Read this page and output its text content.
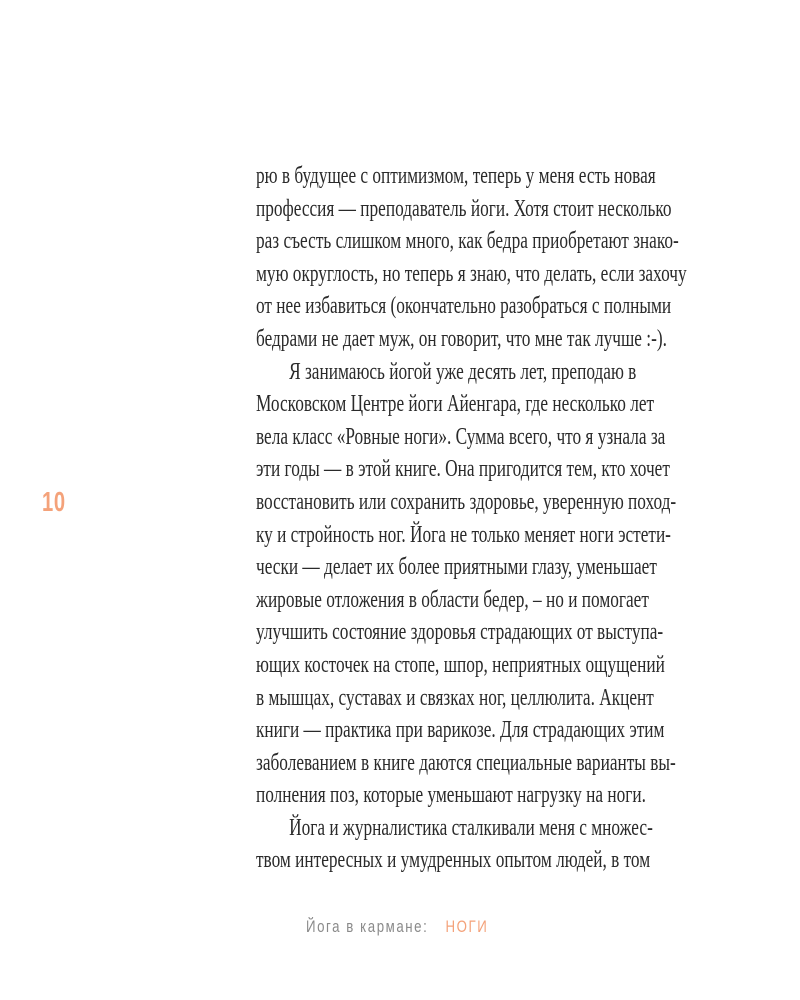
10
рю в будущее с оптимизмом, теперь у меня есть новая
профессия — преподаватель йоги. Хотя стоит несколько
раз съесть слишком много, как бедра приобретают знако-
мую округлость, но теперь я знаю, что делать, если захочу
от нее избавиться (окончательно разобраться с полными
бедрами не дает муж, он говорит, что мне так лучше :-).
Я занимаюсь йогой уже десять лет, преподаю в
Московском Центре йоги Айенгара, где несколько лет
вела класс «Ровные ноги». Сумма всего, что я узнала за
эти годы — в этой книге. Она пригодится тем, кто хочет
восстановить или сохранить здоровье, уверенную поход-
ку и стройность ног. Йога не только меняет ноги эстети-
чески — делает их более приятными глазу, уменьшает
жировые отложения в области бедер, – но и помогает
улучшить состояние здоровья страдающих от выступа-
ющих косточек на стопе, шпор, неприятных ощущений
в мышцах, суставах и связках ног, целлюлита. Акцент
книги — практика при варикозе. Для страдающих этим
заболеванием в книге даются специальные варианты вы-
полнения поз, которые уменьшают нагрузку на ноги.
Йога и журналистика сталкивали меня с множес-
твом интересных и умудренных опытом людей, в том
Йога в кармане: НОГИ
